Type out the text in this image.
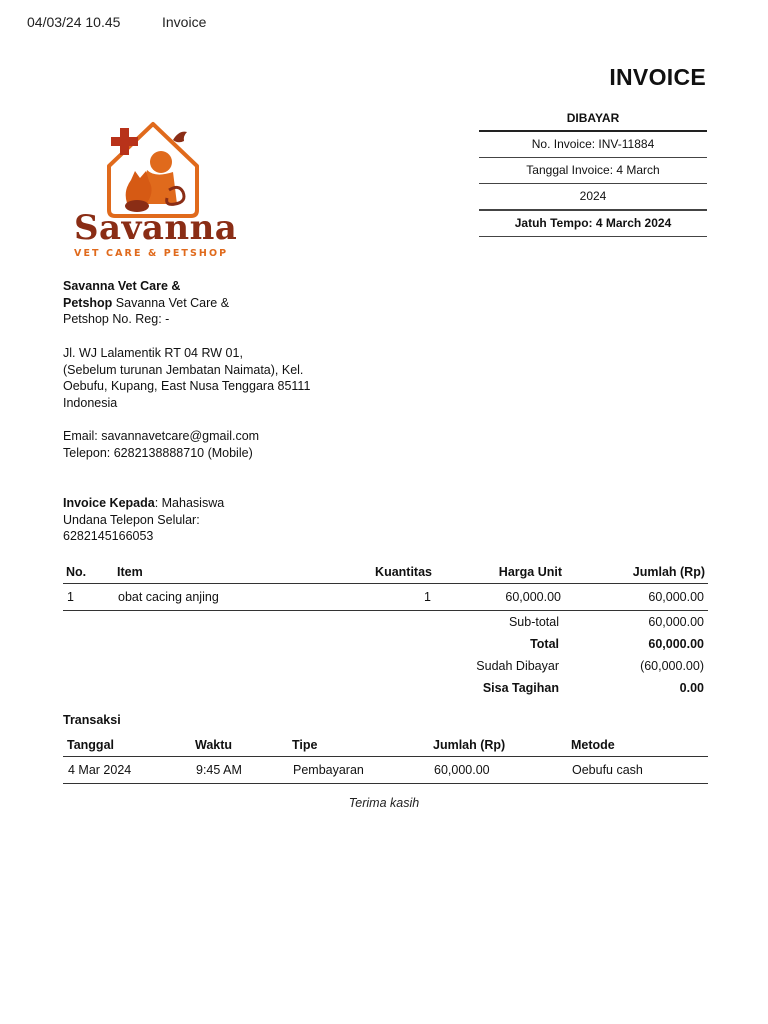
04/03/24 10.45	Invoice
INVOICE
DIBAYAR
No. Invoice: INV-11884
Tanggal Invoice: 4 March
2024
Jatuh Tempo: 4 March 2024
Savanna
VET CARE & PETSHOP
Savanna Vet Care &
Petshop Savanna Vet Care &
Petshop No. Reg: -
Jl. WJ Lalamentik RT 04 RW 01,
(Sebelum turunan Jembatan Naimata), Kel.
Oebufu, Kupang, East Nusa Tenggara 85111
Indonesia
Email: savannavetcare@gmail.com
Telepon: 6282138888710 (Mobile)
Invoice Kepada: Mahasiswa
Undana Telepon Selular:
6282145166053
No.	Item	Kuantitas	Harga Unit	Jumlah (Rp)
1	obat cacing anjing	1	60,000.00	60,000.00
Sub-total	60,000.00
Total	60,000.00
Sudah Dibayar	(60,000.00)
Sisa Tagihan	0.00
Transaksi
Tanggal	Waktu	Tipe	Jumlah (Rp)	Metode
4 Mar 2024	9:45 AM	Pembayaran	60,000.00	Oebufu cash
Terima kasih
